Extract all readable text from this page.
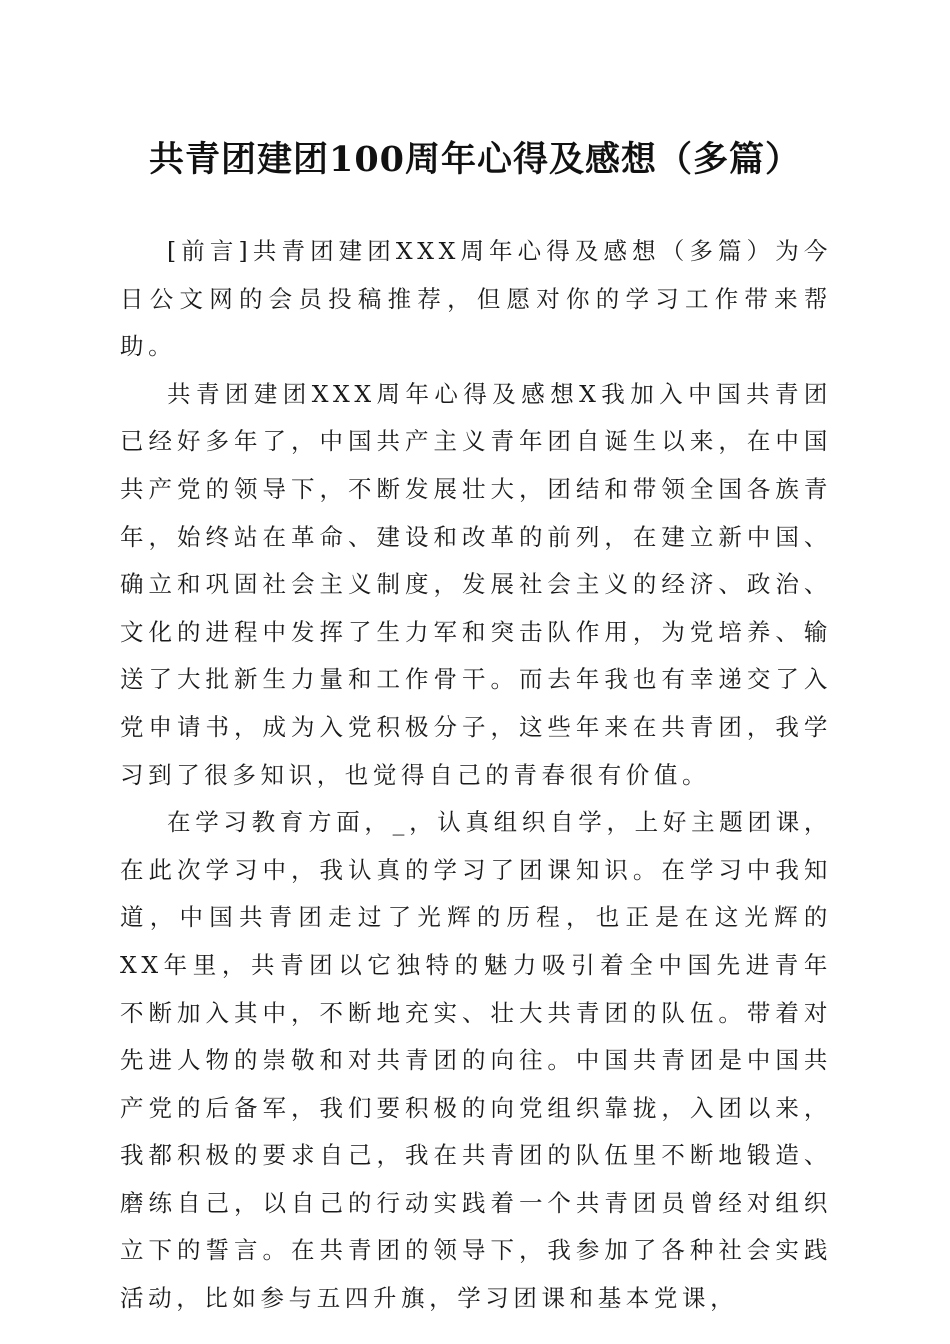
共青团建团100周年心得及感想（多篇）

[前言]共青团建团XXX周年心得及感想（多篇）为今日公文网的会员投稿推荐，但愿对你的学习工作带来帮助。

共青团建团XXX周年心得及感想X我加入中国共青团已经好多年了，中国共产主义青年团自诞生以来，在中国共产党的领导下，不断发展壮大，团结和带领全国各族青年，始终站在革命、建设和改革的前列，在建立新中国、确立和巩固社会主义制度，发展社会主义的经济、政治、文化的进程中发挥了生力军和突击队作用，为党培养、输送了大批新生力量和工作骨干。而去年我也有幸递交了入党申请书，成为入党积极分子，这些年来在共青团，我学习到了很多知识，也觉得自己的青春很有价值。

在学习教育方面，_，认真组织自学，上好主题团课，在此次学习中，我认真的学习了团课知识。在学习中我知道，中国共青团走过了光辉的历程，也正是在这光辉的XX年里，共青团以它独特的魅力吸引着全中国先进青年不断加入其中，不断地充实、壮大共青团的队伍。带着对先进人物的崇敬和对共青团的向往。中国共青团是中国共产党的后备军，我们要积极的向党组织靠拢，入团以来，我都积极的要求自己，我在共青团的队伍里不断地锻造、磨练自己，以自己的行动实践着一个共青团员曾经对组织立下的誓言。在共青团的领导下，我参加了各种社会实践活动，比如参与五四升旗，学习团课和基本党课，
